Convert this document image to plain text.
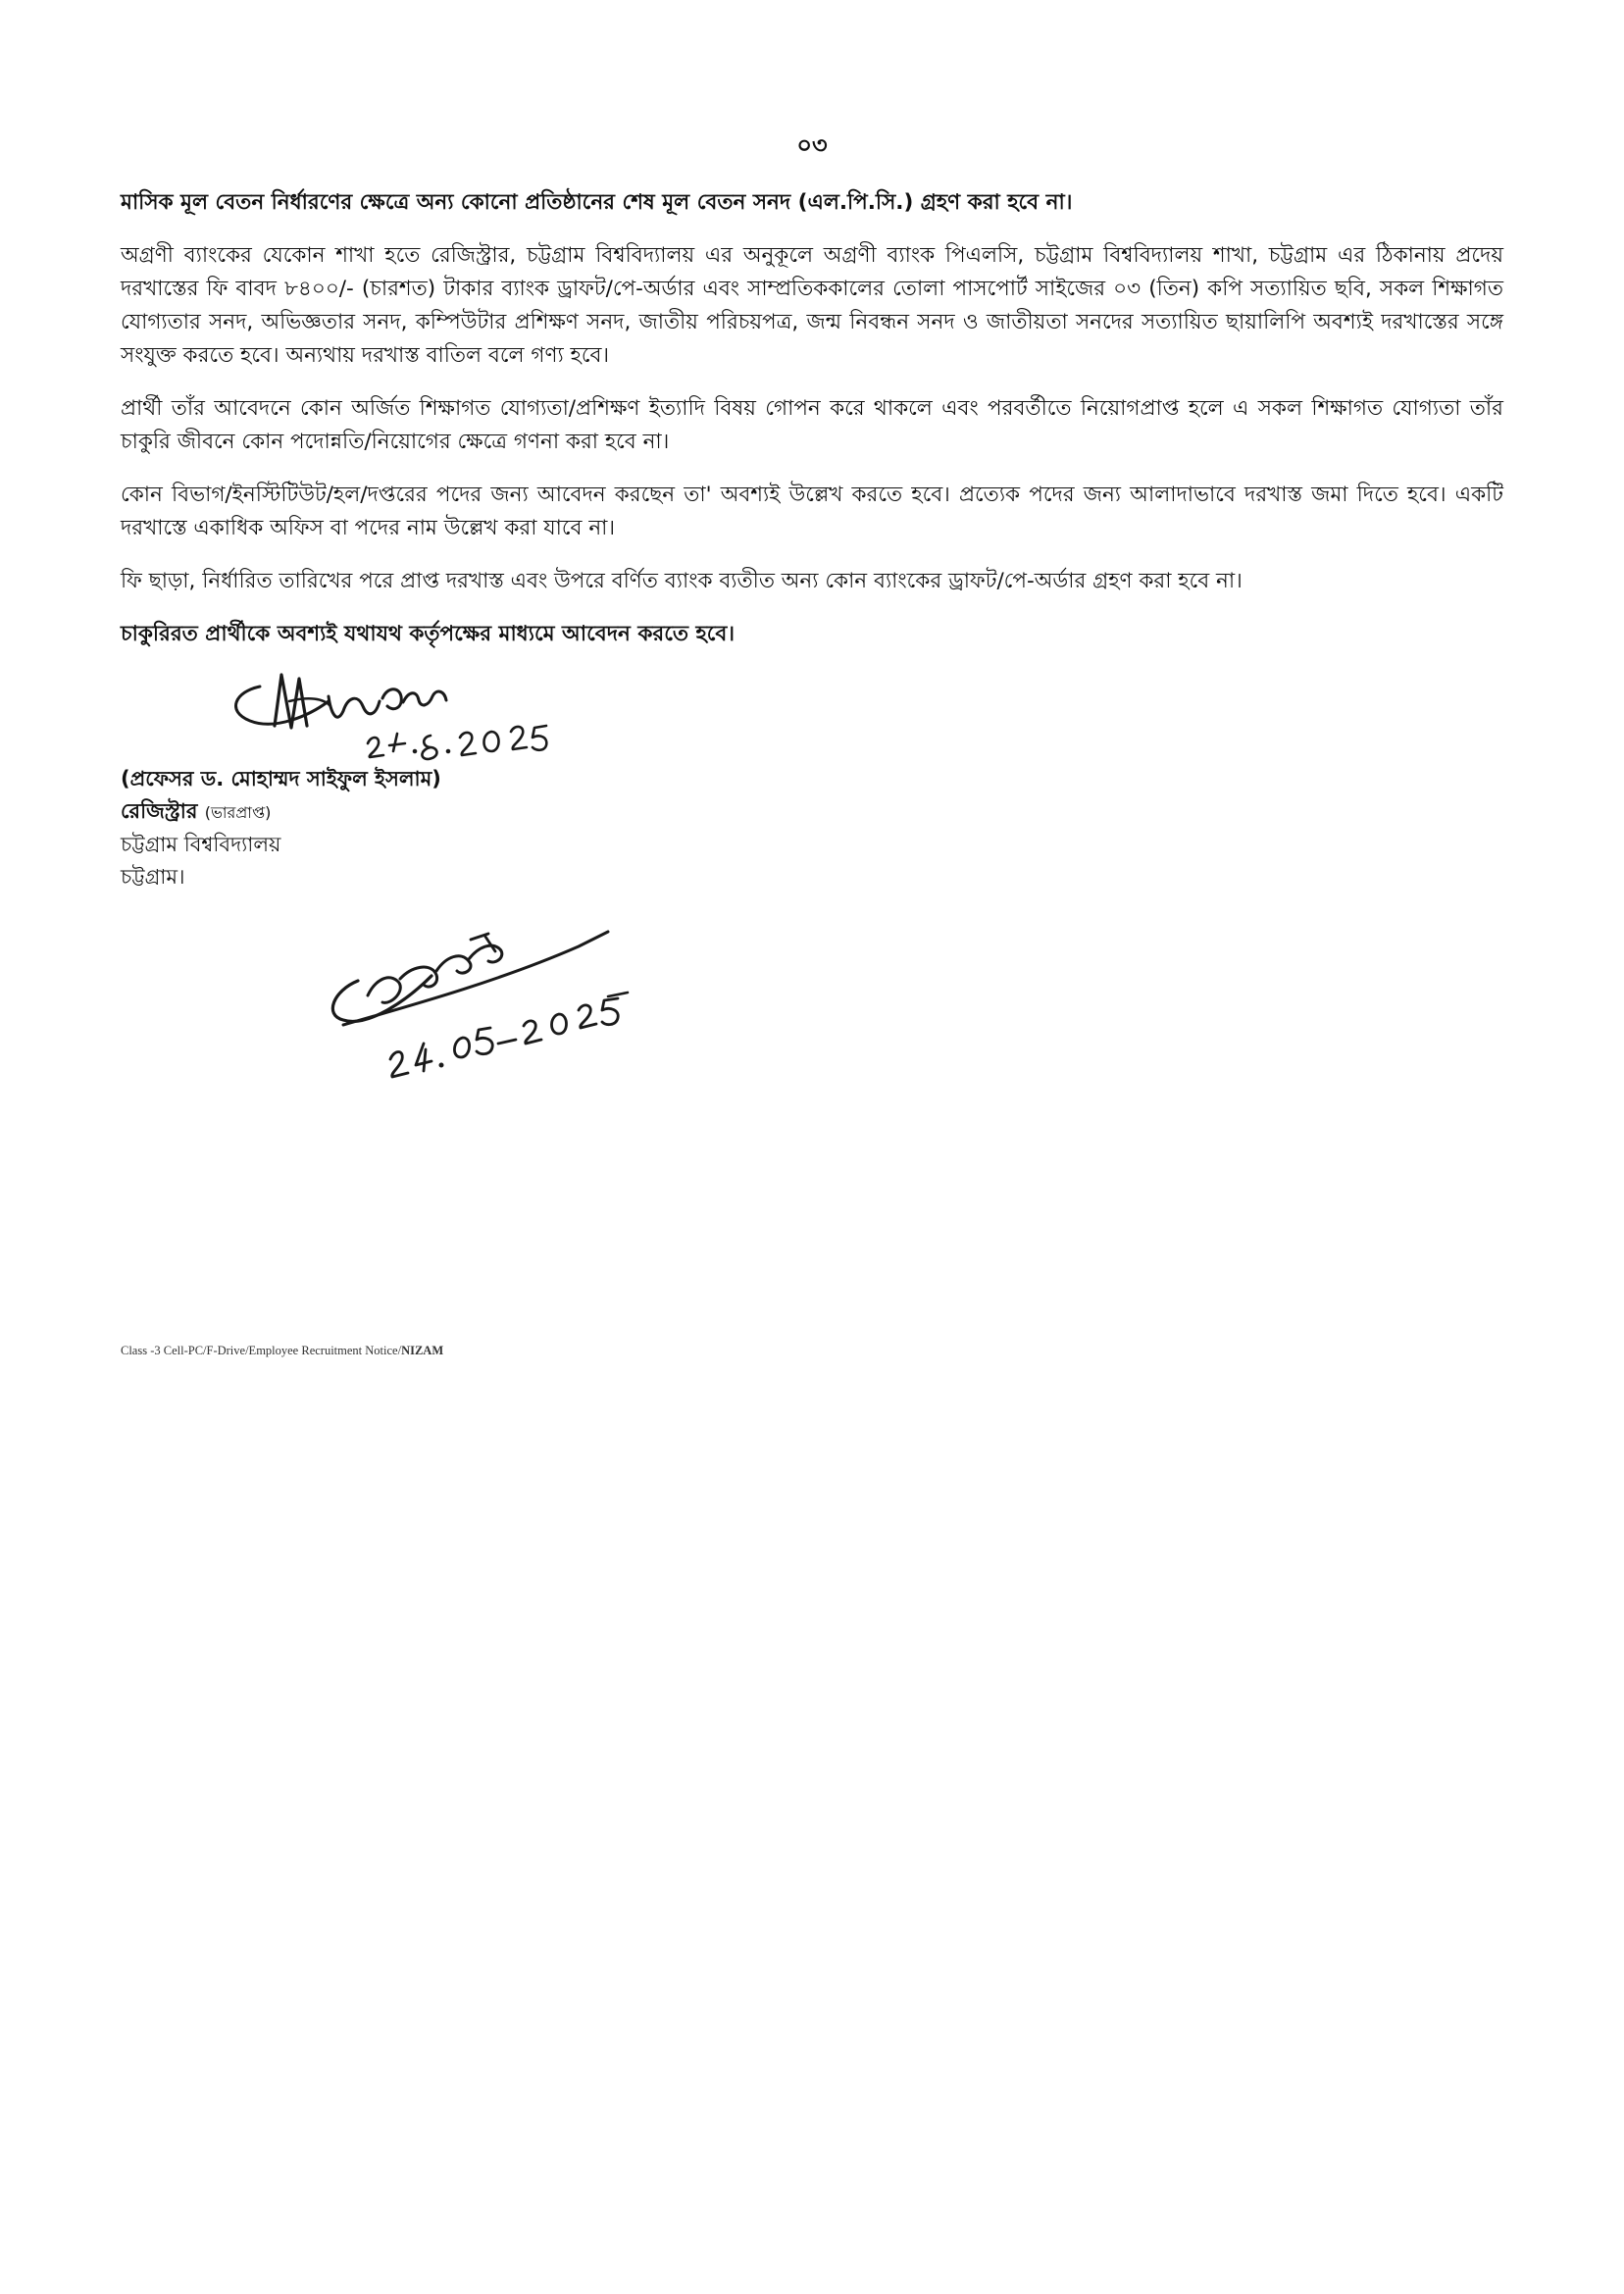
০৩

মাসিক মূল বেতন নির্ধারণের ক্ষেত্রে অন্য কোনো প্রতিষ্ঠানের শেষ মূল বেতন সনদ (এল.পি.সি.) গ্রহণ করা হবে না।

অগ্রণী ব্যাংকের যেকোন শাখা হতে রেজিস্ট্রার, চট্টগ্রাম বিশ্ববিদ্যালয় এর অনুকূলে অগ্রণী ব্যাংক পিএলসি, চট্টগ্রাম বিশ্ববিদ্যালয় শাখা, চট্টগ্রাম এর ঠিকানায় প্রদেয় দরখাস্তের ফি বাবদ ৮৪০০/- (চারশত) টাকার ব্যাংক ড্রাফট/পে-অর্ডার এবং সাম্প্রতিককালের তোলা পাসপোর্ট সাইজের ০৩ (তিন) কপি সত্যায়িত ছবি, সকল শিক্ষাগত যোগ্যতার সনদ, অভিজ্ঞতার সনদ, কম্পিউটার প্রশিক্ষণ সনদ, জাতীয় পরিচয়পত্র, জন্ম নিবন্ধন সনদ ও জাতীয়তা সনদের সত্যায়িত ছায়ালিপি অবশ্যই দরখাস্তের সঙ্গে সংযুক্ত করতে হবে। অন্যথায় দরখাস্ত বাতিল বলে গণ্য হবে।

প্রার্থী তাঁর আবেদনে কোন অর্জিত শিক্ষাগত যোগ্যতা/প্রশিক্ষণ ইত্যাদি বিষয় গোপন করে থাকলে এবং পরবর্তীতে নিয়োগপ্রাপ্ত হলে এ সকল শিক্ষাগত যোগ্যতা তাঁর চাকুরি জীবনে কোন পদোন্নতি/নিয়োগের ক্ষেত্রে গণনা করা হবে না।

কোন বিভাগ/ইনস্টিটিউট/হল/দপ্তরের পদের জন্য আবেদন করছেন তা' অবশ্যই উল্লেখ করতে হবে। প্রত্যেক পদের জন্য আলাদাভাবে দরখাস্ত জমা দিতে হবে। একটি দরখাস্তে একাধিক অফিস বা পদের নাম উল্লেখ করা যাবে না।

ফি ছাড়া, নির্ধারিত তারিখের পরে প্রাপ্ত দরখাস্ত এবং উপরে বর্ণিত ব্যাংক ব্যতীত অন্য কোন ব্যাংকের ড্রাফট/পে-অর্ডার গ্রহণ করা হবে না।

চাকুরিরত প্রার্থীকে অবশ্যই যথাযথ কর্তৃপক্ষের মাধ্যমে আবেদন করতে হবে।

(প্রফেসর ড. মোহাম্মদ সাইফুল ইসলাম)
রেজিস্ট্রার (ভারপ্রাপ্ত)
চট্টগ্রাম বিশ্ববিদ্যালয়
চট্টগ্রাম।
Class -3 Cell-PC/F-Drive/Employee Recruitment Notice/NIZAM
